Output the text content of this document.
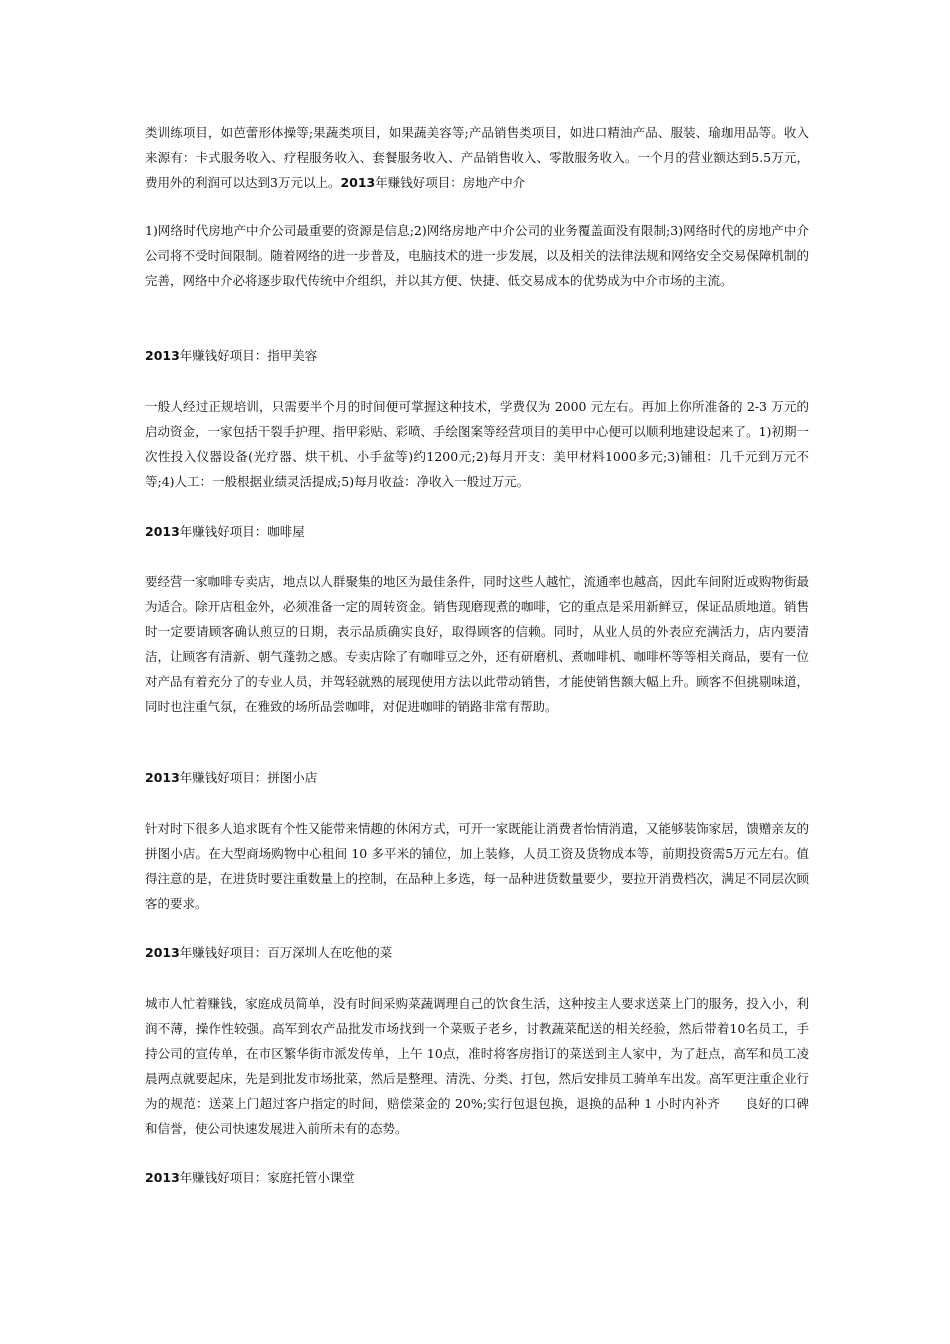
类训练项目，如芭蕾形体操等;果蔬类项目，如果蔬美容等;产品销售类项目，如进口精油产品、服装、瑜珈用品等。收入来源有：卡式服务收入、疗程服务收入、套餐服务收入、产品销售收入、零散服务收入。一个月的营业额达到5.5万元，费用外的利润可以达到3万元以上。2013年赚钱好项目：房地产中介

1)网络时代房地产中介公司最重要的资源是信息;2)网络房地产中介公司的业务覆盖面没有限制;3)网络时代的房地产中介公司将不受时间限制。随着网络的进一步普及，电脑技术的进一步发展，以及相关的法律法规和网络安全交易保障机制的完善，网络中介必将逐步取代传统中介组织，并以其方便、快捷、低交易成本的优势成为中介市场的主流。

2013年赚钱好项目：指甲美容

一般人经过正规培训，只需要半个月的时间便可掌握这种技术，学费仅为 2000 元左右。再加上你所准备的 2-3 万元的启动资金，一家包括干裂手护理、指甲彩贴、彩喷、手绘图案等经营项目的美甲中心便可以顺利地建设起来了。1)初期一次性投入仪器设备(光疗器、烘干机、小手盆等)约1200元;2)每月开支：美甲材料1000多元;3)铺租：几千元到万元不等;4)人工：一般根据业绩灵活提成;5)每月收益：净收入一般过万元。

2013年赚钱好项目：咖啡屋

要经营一家咖啡专卖店，地点以人群聚集的地区为最佳条件，同时这些人越忙，流通率也越高，因此车间附近或购物街最为适合。除开店租金外，必须准备一定的周转资金。销售现磨现煮的咖啡，它的重点是采用新鲜豆，保证品质地道。销售时一定要请顾客确认煎豆的日期，表示品质确实良好，取得顾客的信赖。同时，从业人员的外表应充满活力，店内要清洁，让顾客有清新、朝气蓬勃之感。专卖店除了有咖啡豆之外，还有研磨机、煮咖啡机、咖啡杯等等相关商品，要有一位对产品有着充分了的专业人员，并驾轻就熟的展现使用方法以此带动销售，才能使销售额大幅上升。顾客不但挑剔味道，同时也注重气氛，在雅致的场所品尝咖啡，对促进咖啡的销路非常有帮助。

2013年赚钱好项目：拼图小店

针对时下很多人追求既有个性又能带来情趣的休闲方式，可开一家既能让消费者怡情消遣，又能够装饰家居，馈赠亲友的拼图小店。在大型商场购物中心租间 10 多平米的铺位，加上装修，人员工资及货物成本等，前期投资需5万元左右。值得注意的是，在进货时要注重数量上的控制，在品种上多选，每一品种进货数量要少，要拉开消费档次，满足不同层次顾客的要求。

2013年赚钱好项目：百万深圳人在吃他的菜

城市人忙着赚钱，家庭成员简单，没有时间采购菜蔬调理自己的饮食生活，这种按主人要求送菜上门的服务，投入小，利润不薄，操作性较强。高军到农产品批发市场找到一个菜贩子老乡，讨教蔬菜配送的相关经验，然后带着10名员工，手持公司的宣传单，在市区繁华街市派发传单，上午 10点，准时将客房指订的菜送到主人家中，为了赶点，高军和员工凌晨两点就要起床，先是到批发市场批菜，然后是整理、清洗、分类、打包，然后安排员工骑单车出发。高军更注重企业行为的规范：送菜上门超过客户指定的时间，赔偿菜金的 20%;实行包退包换，退换的品种 1 小时内补齐　　良好的口碑和信誉，使公司快速发展进入前所未有的态势。

2013年赚钱好项目：家庭托管小课堂
